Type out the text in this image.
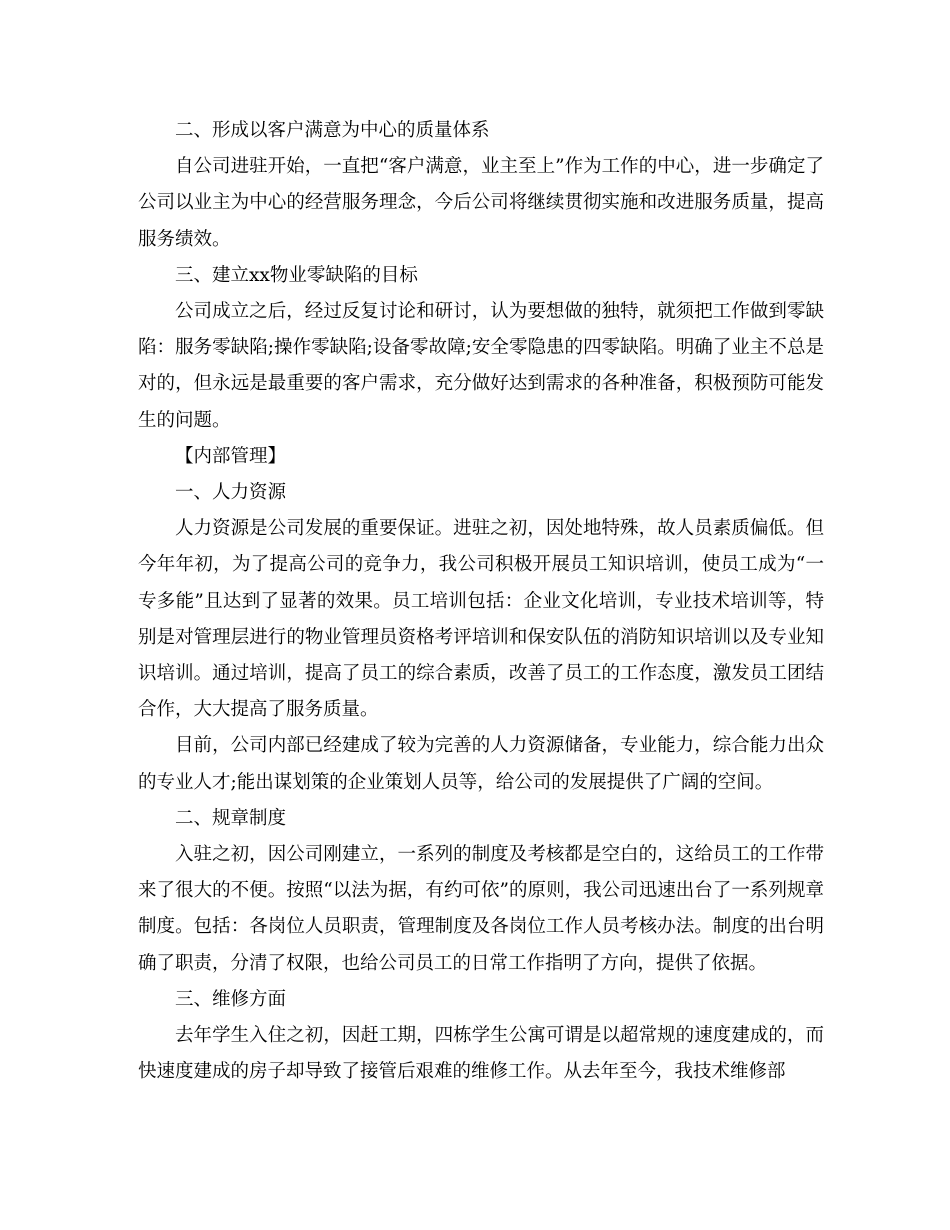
二、形成以客户满意为中心的质量体系

自公司进驻开始，一直把“客户满意，业主至上”作为工作的中心，进一步确定了公司以业主为中心的经营服务理念，今后公司将继续贯彻实施和改进服务质量，提高服务绩效。

三、建立xx物业零缺陷的目标

公司成立之后，经过反复讨论和研讨，认为要想做的独特，就须把工作做到零缺陷：服务零缺陷;操作零缺陷;设备零故障;安全零隐患的四零缺陷。明确了业主不总是对的，但永远是最重要的客户需求，充分做好达到需求的各种准备，积极预防可能发生的问题。

【内部管理】

一、人力资源

人力资源是公司发展的重要保证。进驻之初，因处地特殊，故人员素质偏低。但今年年初，为了提高公司的竞争力，我公司积极开展员工知识培训，使员工成为“一专多能”且达到了显著的效果。员工培训包括：企业文化培训，专业技术培训等，特别是对管理层进行的物业管理员资格考评培训和保安队伍的消防知识培训以及专业知识培训。通过培训，提高了员工的综合素质，改善了员工的工作态度，激发员工团结合作，大大提高了服务质量。

目前，公司内部已经建成了较为完善的人力资源储备，专业能力，综合能力出众的专业人才;能出谋划策的企业策划人员等，给公司的发展提供了广阔的空间。

二、规章制度

入驻之初，因公司刚建立，一系列的制度及考核都是空白的，这给员工的工作带来了很大的不便。按照“以法为据，有约可依”的原则，我公司迅速出台了一系列规章制度。包括：各岗位人员职责，管理制度及各岗位工作人员考核办法。制度的出台明确了职责，分清了权限，也给公司员工的日常工作指明了方向，提供了依据。

三、维修方面

去年学生入住之初，因赶工期，四栋学生公寓可谓是以超常规的速度建成的，而快速度建成的房子却导致了接管后艰难的维修工作。从去年至今，我技术维修部
